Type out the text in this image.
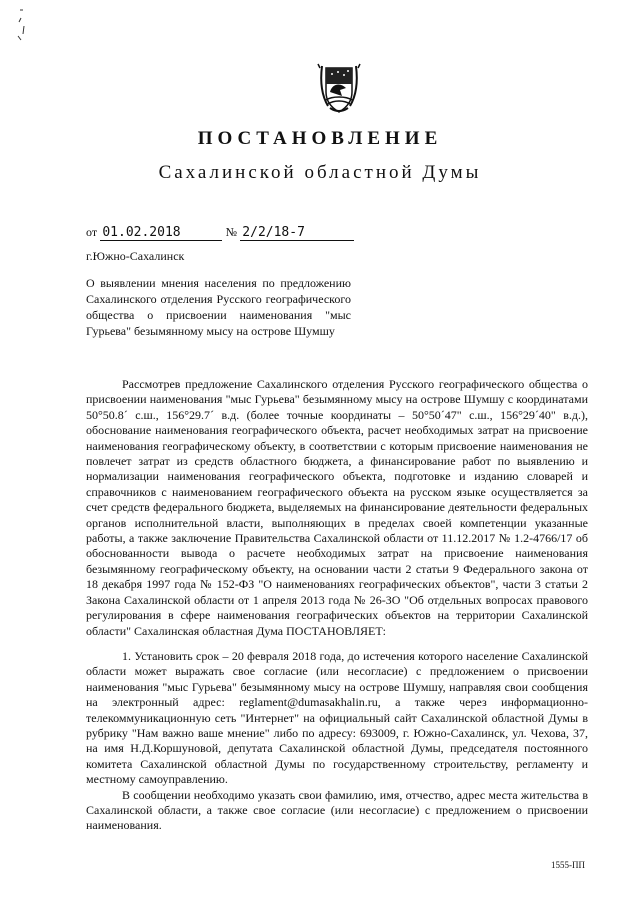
ПОСТАНОВЛЕНИЕ
Сахалинской областной Думы
от 01.02.2018	№ 2/2/18-7
г.Южно-Сахалинск
О выявлении мнения населения по предложению Сахалинского отделения Русского географического общества о присвоении наименования "мыс Гурьева" безымянному мысу на острове Шумшу

Рассмотрев предложение Сахалинского отделения Русского географического общества о присвоении наименования "мыс Гурьева" безымянному мысу на острове Шумшу с координатами 50°50.8´ с.ш., 156°29.7´ в.д. (более точные координаты – 50°50´47" с.ш., 156°29´40" в.д.), обоснование наименования географического объекта, расчет необходимых затрат на присвоение наименования географическому объекту, в соответствии с которым присвоение наименования не повлечет затрат из средств областного бюджета, а финансирование работ по выявлению и нормализации наименования географического объекта, подготовке и изданию словарей и справочников с наименованием географического объекта на русском языке осуществляется за счет средств федерального бюджета, выделяемых на финансирование деятельности федеральных органов исполнительной власти, выполняющих в пределах своей компетенции указанные работы, а также заключение Правительства Сахалинской области от 11.12.2017 № 1.2-4766/17 об обоснованности вывода о расчете необходимых затрат на присвоение наименования безымянному географическому объекту, на основании части 2 статьи 9 Федерального закона от 18 декабря 1997 года № 152-ФЗ "О наименованиях географических объектов", части 3 статьи 2 Закона Сахалинской области от 1 апреля 2013 года № 26-ЗО "Об отдельных вопросах правового регулирования в сфере наименования географических объектов на территории Сахалинской области" Сахалинская областная Дума ПОСТАНОВЛЯЕТ:

1. Установить срок – 20 февраля 2018 года, до истечения которого население Сахалинской области может выражать свое согласие (или несогласие) с предложением о присвоении наименования "мыс Гурьева" безымянному мысу на острове Шумшу, направляя свои сообщения на электронный адрес: reglament@dumasakhalin.ru, а также через информационно-телекоммуникационную сеть "Интернет" на официальный сайт Сахалинской областной Думы в рубрику "Нам важно ваше мнение" либо по адресу: 693009, г. Южно-Сахалинск, ул. Чехова, 37, на имя Н.Д.Коршуновой, депутата Сахалинской областной Думы, председателя постоянного комитета Сахалинской областной Думы по государственному строительству, регламенту и местному самоуправлению.

В сообщении необходимо указать свои фамилию, имя, отчество, адрес места жительства в Сахалинской области, а также свое согласие (или несогласие) с предложением о присвоении наименования.

1555-ПП
